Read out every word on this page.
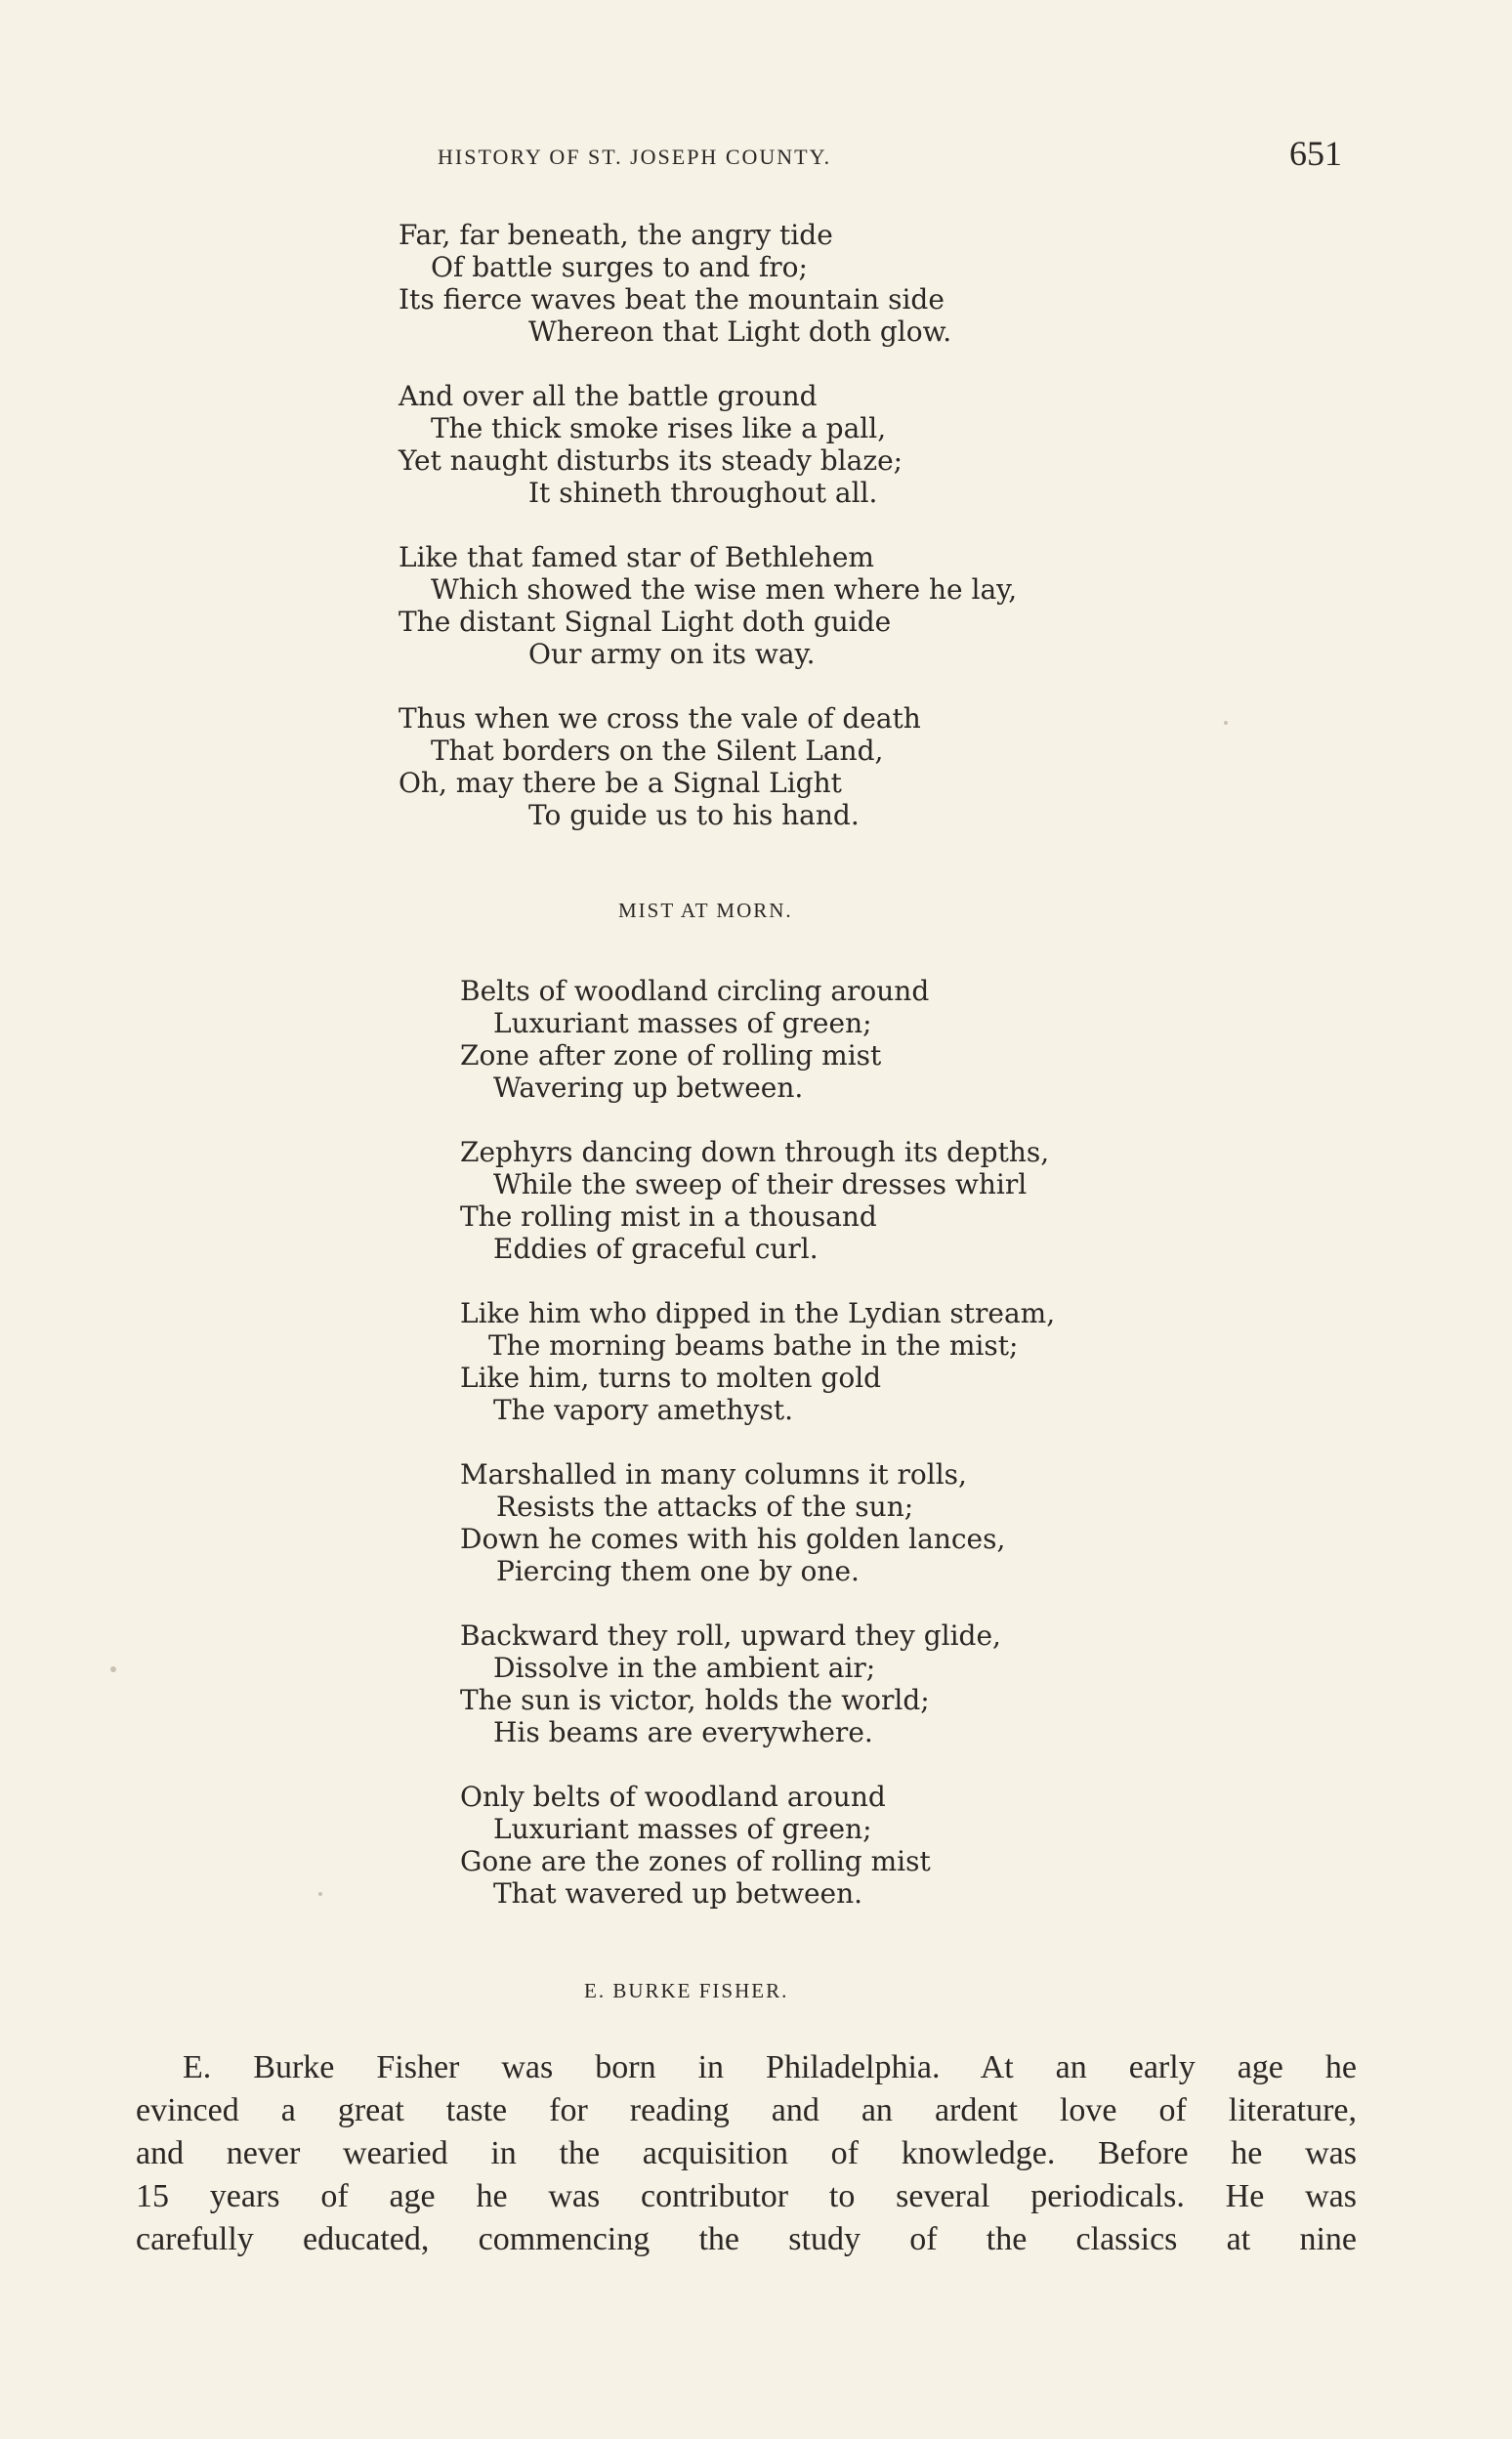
HISTORY OF ST. JOSEPH COUNTY.	651
Far, far beneath, the angry tide
Of battle surges to and fro;
Its fierce waves beat the mountain side
Whereon that Light doth glow.
And over all the battle ground
The thick smoke rises like a pall,
Yet naught disturbs its steady blaze;
It shineth throughout all.
Like that famed star of Bethlehem
Which showed the wise men where he lay,
The distant Signal Light doth guide
Our army on its way.
Thus when we cross the vale of death
That borders on the Silent Land,
Oh, may there be a Signal Light
To guide us to his hand.
MIST AT MORN.
Belts of woodland circling around
Luxuriant masses of green;
Zone after zone of rolling mist
Wavering up between.
Zephyrs dancing down through its depths,
While the sweep of their dresses whirl
The rolling mist in a thousand
Eddies of graceful curl.
Like him who dipped in the Lydian stream,
The morning beams bathe in the mist;
Like him, turns to molten gold
The vapory amethyst.
Marshalled in many columns it rolls,
Resists the attacks of the sun;
Down he comes with his golden lances,
Piercing them one by one.
Backward they roll, upward they glide,
Dissolve in the ambient air;
The sun is victor, holds the world;
His beams are everywhere.
Only belts of woodland around
Luxuriant masses of green;
Gone are the zones of rolling mist
That wavered up between.
E. BURKE FISHER.
E. Burke Fisher was born in Philadelphia. At an early age he
evinced a great taste for reading and an ardent love of literature,
and never wearied in the acquisition of knowledge. Before he was
15 years of age he was contributor to several periodicals. He was
carefully educated, commencing the study of the classics at nine
